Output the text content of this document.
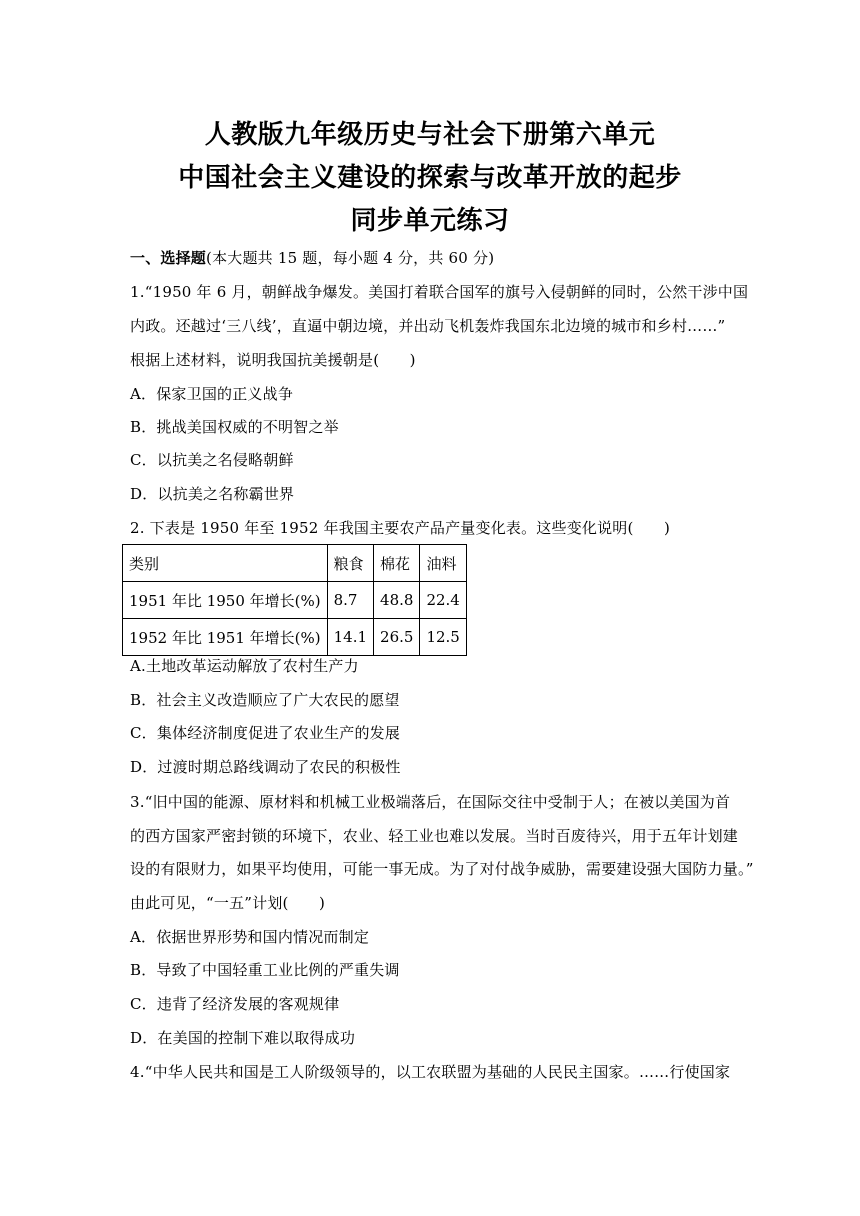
人教版九年级历史与社会下册第六单元
中国社会主义建设的探索与改革开放的起步
同步单元练习
一、选择题(本大题共 15 题，每小题 4 分，共 60 分)
1.“1950 年 6 月，朝鲜战争爆发。美国打着联合国军的旗号入侵朝鲜的同时，公然干涉中国
内政。还越过‘三八线’，直逼中朝边境，并出动飞机轰炸我国东北边境的城市和乡村……”
根据上述材料，说明我国抗美援朝是(　　)
A．保家卫国的正义战争
B．挑战美国权威的不明智之举
C．以抗美之名侵略朝鲜
D．以抗美之名称霸世界
2. 下表是 1950 年至 1952 年我国主要农产品产量变化表。这些变化说明(　　)
类别	粮食	棉花	油料
1951 年比 1950 年增长(%)	8.7	48.8	22.4
1952 年比 1951 年增长(%)	14.1	26.5	12.5
A.土地改革运动解放了农村生产力
B．社会主义改造顺应了广大农民的愿望
C．集体经济制度促进了农业生产的发展
D．过渡时期总路线调动了农民的积极性
3.“旧中国的能源、原材料和机械工业极端落后，在国际交往中受制于人；在被以美国为首
的西方国家严密封锁的环境下，农业、轻工业也难以发展。当时百废待兴，用于五年计划建
设的有限财力，如果平均使用，可能一事无成。为了对付战争威胁，需要建设强大国防力量。”
由此可见，“一五”计划(　　)
A．依据世界形势和国内情况而制定
B．导致了中国轻重工业比例的严重失调
C．违背了经济发展的客观规律
D．在美国的控制下难以取得成功
4.“中华人民共和国是工人阶级领导的，以工农联盟为基础的人民民主国家。……行使国家
